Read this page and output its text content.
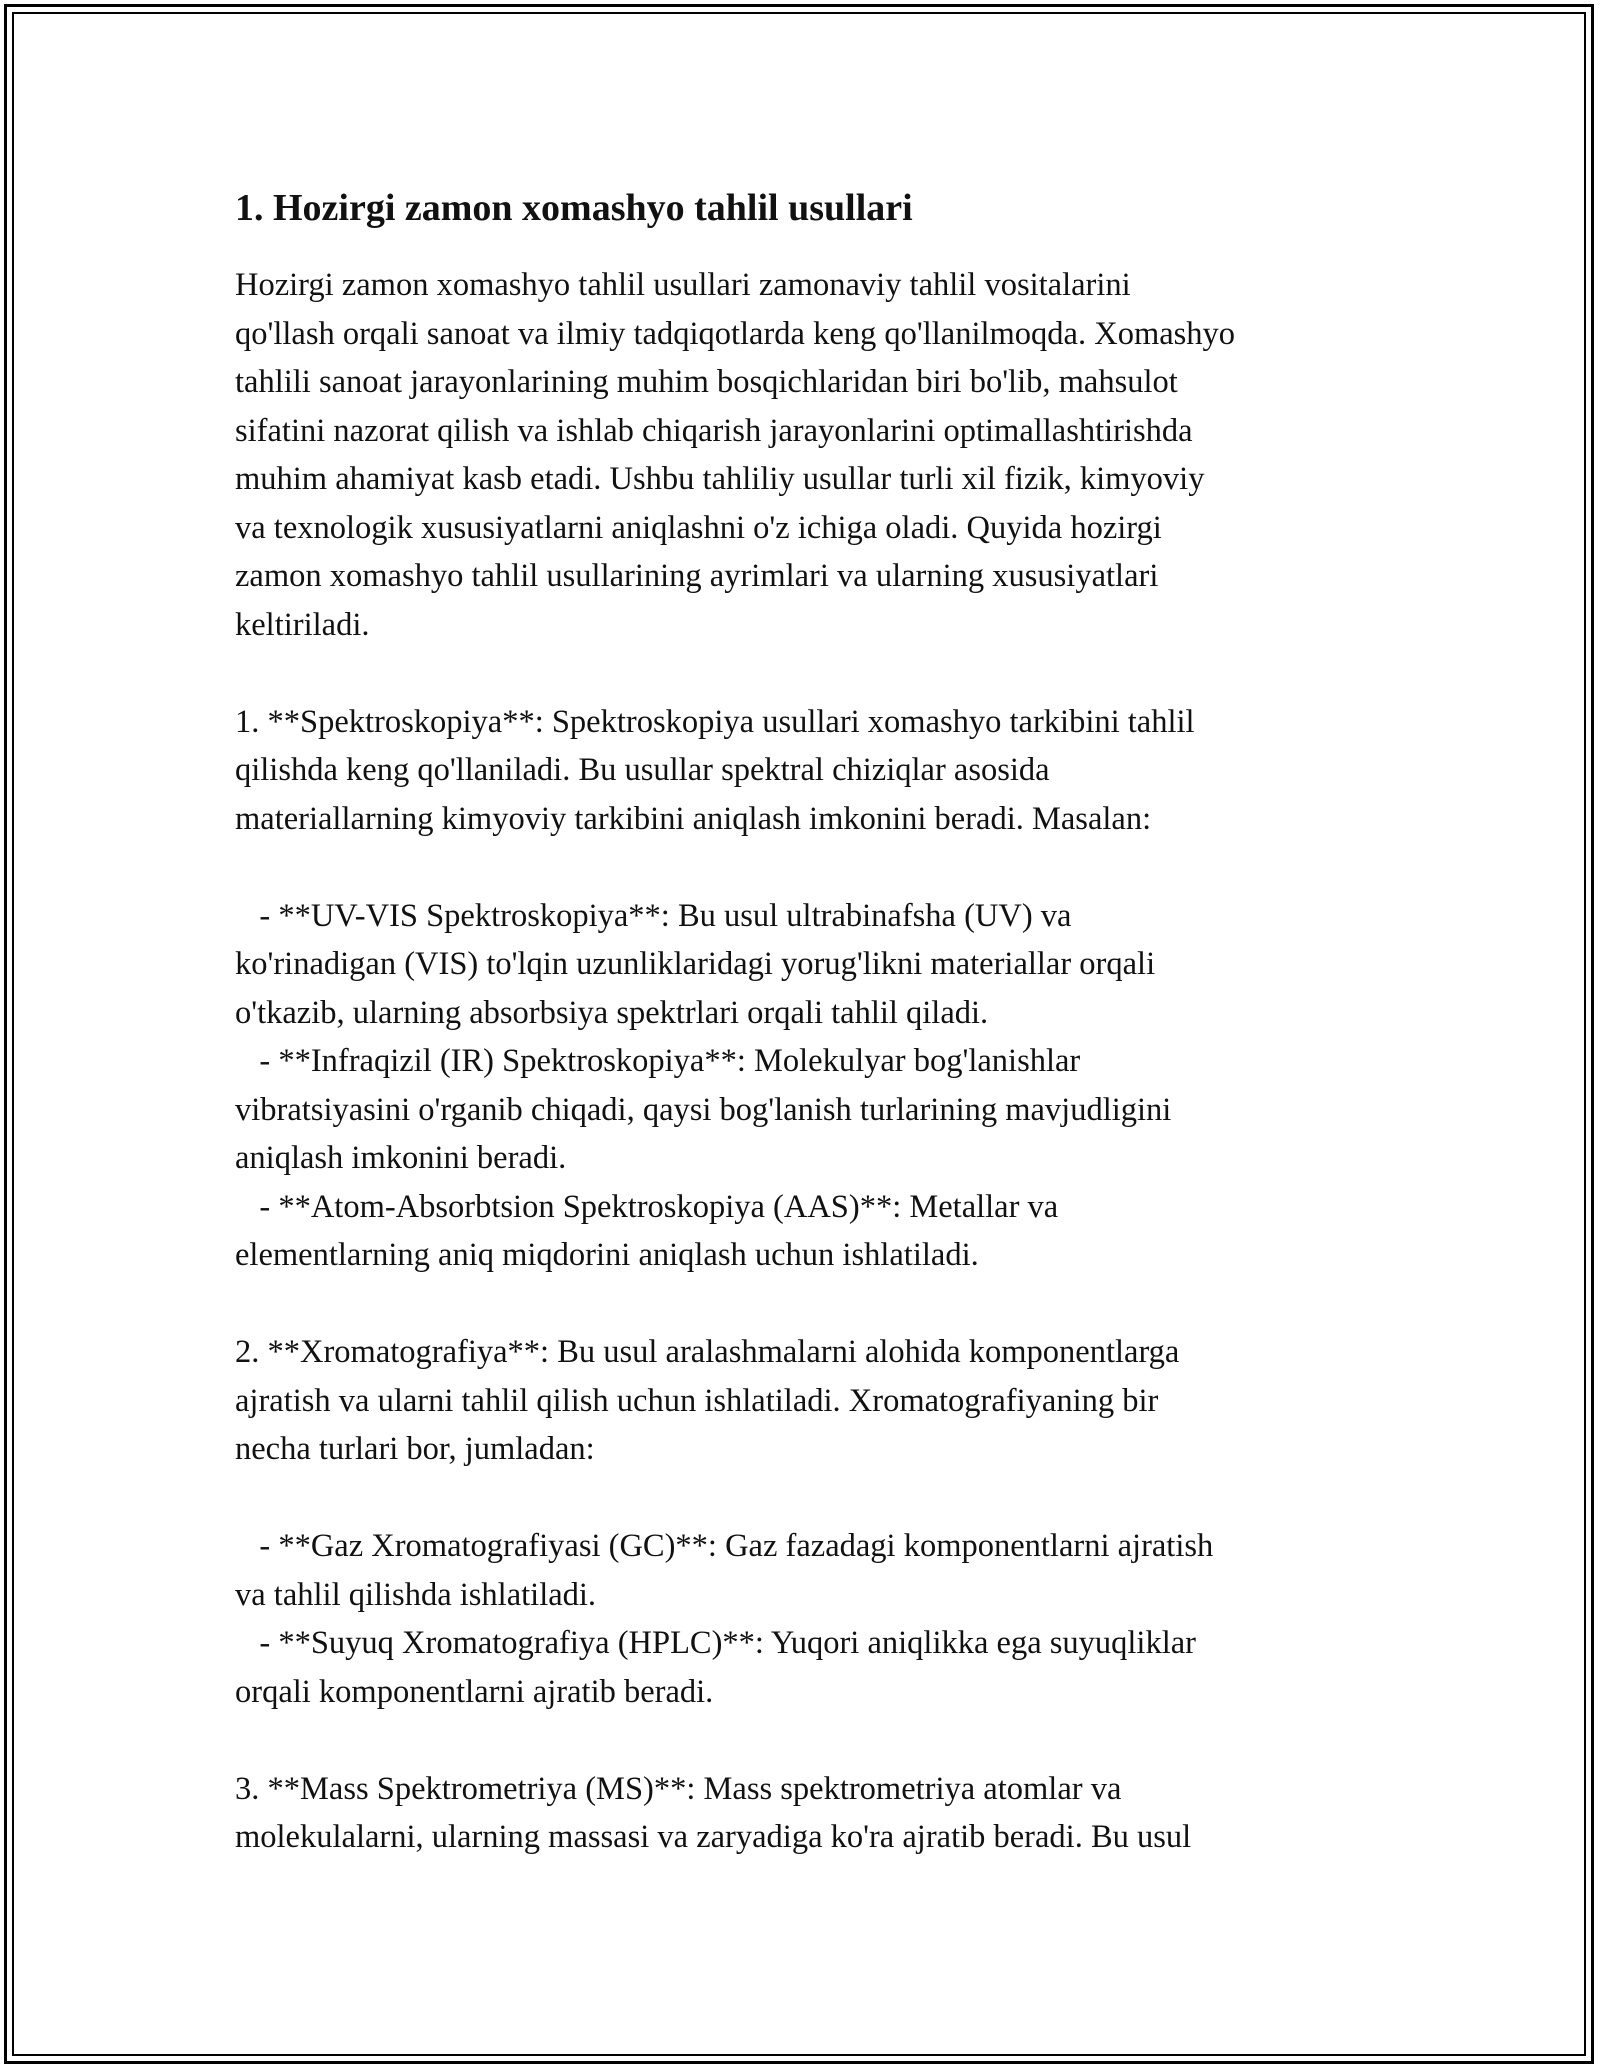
1. Hozirgi zamon xomashyo tahlil usullari

Hozirgi zamon xomashyo tahlil usullari zamonaviy tahlil vositalarini
qo'llash orqali sanoat va ilmiy tadqiqotlarda keng qo'llanilmoqda. Xomashyo
tahlili sanoat jarayonlarining muhim bosqichlaridan biri bo'lib, mahsulot
sifatini nazorat qilish va ishlab chiqarish jarayonlarini optimallashtirishda
muhim ahamiyat kasb etadi. Ushbu tahliliy usullar turli xil fizik, kimyoviy
va texnologik xususiyatlarni aniqlashni o'z ichiga oladi. Quyida hozirgi
zamon xomashyo tahlil usullarining ayrimlari va ularning xususiyatlari
keltiriladi.

1. **Spektroskopiya**: Spektroskopiya usullari xomashyo tarkibini tahlil
qilishda keng qo'llaniladi. Bu usullar spektral chiziqlar asosida
materiallarning kimyoviy tarkibini aniqlash imkonini beradi. Masalan:

- **UV-VIS Spektroskopiya**: Bu usul ultrabinafsha (UV) va
ko'rinadigan (VIS) to'lqin uzunliklaridagi yorug'likni materiallar orqali
o'tkazib, ularning absorbsiya spektrlari orqali tahlil qiladi.
- **Infraqizil (IR) Spektroskopiya**: Molekulyar bog'lanishlar
vibratsiyasini o'rganib chiqadi, qaysi bog'lanish turlarining mavjudligini
aniqlash imkonini beradi.
- **Atom-Absorbtsion Spektroskopiya (AAS)**: Metallar va
elementlarning aniq miqdorini aniqlash uchun ishlatiladi.

2. **Xromatografiya**: Bu usul aralashmalarni alohida komponentlarga
ajratish va ularni tahlil qilish uchun ishlatiladi. Xromatografiyaning bir
necha turlari bor, jumladan:

- **Gaz Xromatografiyasi (GC)**: Gaz fazadagi komponentlarni ajratish
va tahlil qilishda ishlatiladi.
- **Suyuq Xromatografiya (HPLC)**: Yuqori aniqlikka ega suyuqliklar
orqali komponentlarni ajratib beradi.

3. **Mass Spektrometriya (MS)**: Mass spektrometriya atomlar va
molekulalarni, ularning massasi va zaryadiga ko'ra ajratib beradi. Bu usul
